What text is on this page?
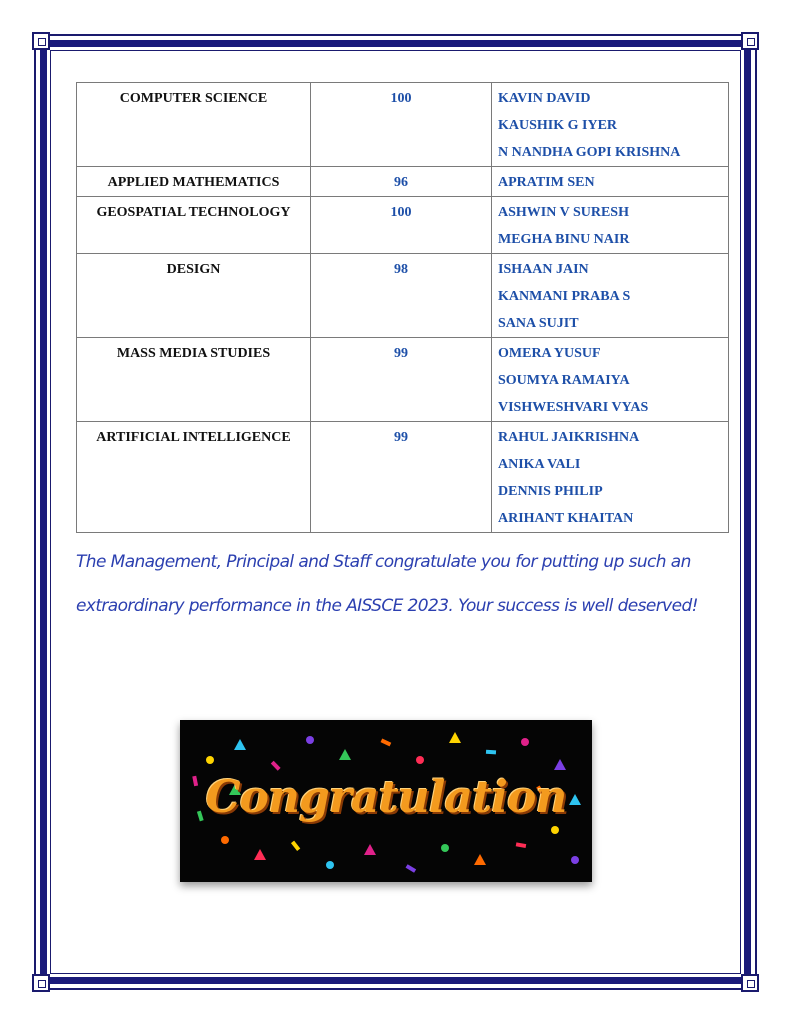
COMPUTER SCIENCE	100	KAVIN DAVID
KAUSHIK G IYER
N NANDHA GOPI KRISHNA

APPLIED MATHEMATICS	96	APRATIM SEN

GEOSPATIAL TECHNOLOGY	100	ASHWIN V SURESH
MEGHA BINU NAIR

DESIGN	98	ISHAAN JAIN
KANMANI PRABA S
SANA SUJIT

MASS MEDIA STUDIES	99	OMERA YUSUF
SOUMYA RAMAIYA
VISHWESHVARI VYAS

ARTIFICIAL INTELLIGENCE	99	RAHUL JAIKRISHNA
ANIKA VALI
DENNIS PHILIP
ARIHANT KHAITAN
The Management, Principal and Staff congratulate you for putting up such an extraordinary performance in the AISSCE 2023. Your success is well deserved!
Congratulation
